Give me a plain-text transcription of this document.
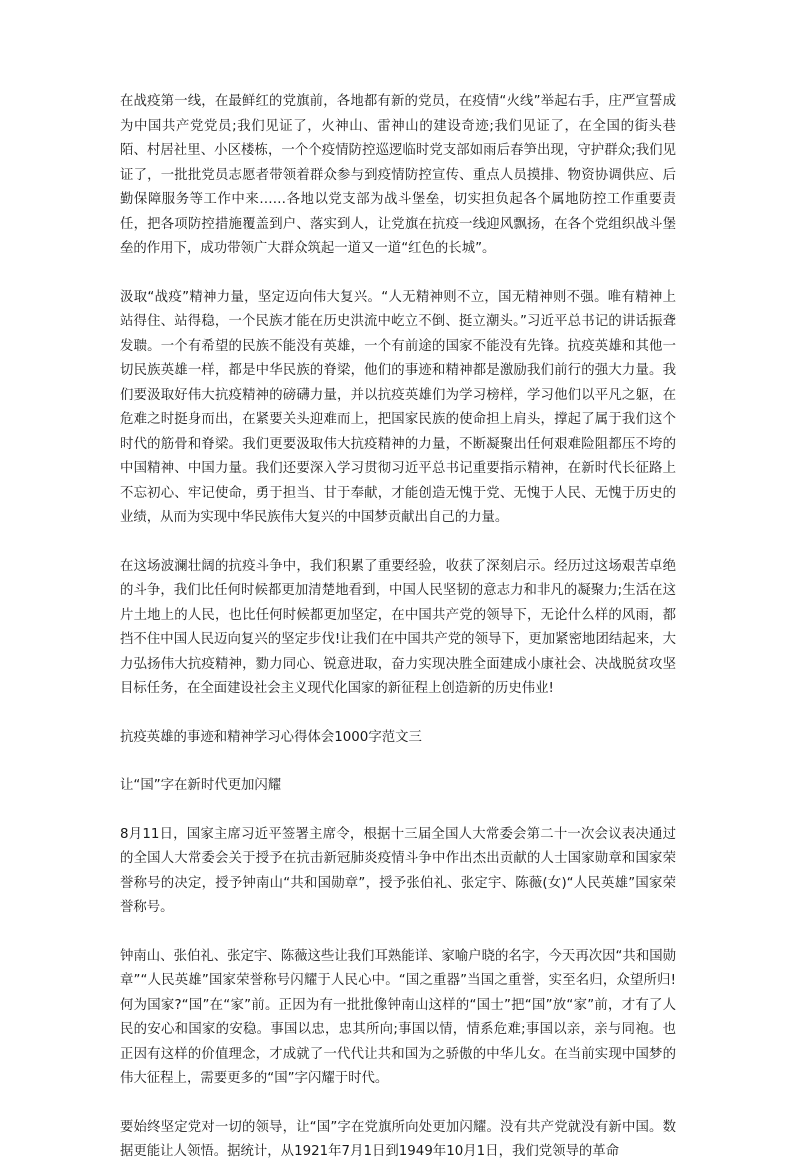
在战疫第一线，在最鲜红的党旗前，各地都有新的党员，在疫情“火线”举起右手，庄严宣誓成为中国共产党党员;我们见证了，火神山、雷神山的建设奇迹;我们见证了，在全国的街头巷陌、村居社里、小区楼栋，一个个疫情防控巡逻临时党支部如雨后春笋出现，守护群众;我们见证了，一批批党员志愿者带领着群众参与到疫情防控宣传、重点人员摸排、物资协调供应、后勤保障服务等工作中来……各地以党支部为战斗堡垒，切实担负起各个属地防控工作重要责任，把各项防控措施覆盖到户、落实到人，让党旗在抗疫一线迎风飘扬，在各个党组织战斗堡垒的作用下，成功带领广大群众筑起一道又一道“红色的长城”。

汲取“战疫”精神力量，坚定迈向伟大复兴。“人无精神则不立，国无精神则不强。唯有精神上站得住、站得稳，一个民族才能在历史洪流中屹立不倒、挺立潮头。”习近平总书记的讲话振聋发聩。一个有希望的民族不能没有英雄，一个有前途的国家不能没有先锋。抗疫英雄和其他一切民族英雄一样，都是中华民族的脊梁，他们的事迹和精神都是激励我们前行的强大力量。我们要汲取好伟大抗疫精神的磅礴力量，并以抗疫英雄们为学习榜样，学习他们以平凡之躯，在危难之时挺身而出，在紧要关头迎难而上，把国家民族的使命担上肩头，撑起了属于我们这个时代的筋骨和脊梁。我们更要汲取伟大抗疫精神的力量，不断凝聚出任何艰难险阻都压不垮的中国精神、中国力量。我们还要深入学习贯彻习近平总书记重要指示精神，在新时代长征路上不忘初心、牢记使命，勇于担当、甘于奉献，才能创造无愧于党、无愧于人民、无愧于历史的业绩，从而为实现中华民族伟大复兴的中国梦贡献出自己的力量。

在这场波澜壮阔的抗疫斗争中，我们积累了重要经验，收获了深刻启示。经历过这场艰苦卓绝的斗争，我们比任何时候都更加清楚地看到，中国人民坚韧的意志力和非凡的凝聚力;生活在这片土地上的人民，也比任何时候都更加坚定，在中国共产党的领导下，无论什么样的风雨，都挡不住中国人民迈向复兴的坚定步伐!让我们在中国共产党的领导下，更加紧密地团结起来，大力弘扬伟大抗疫精神，勠力同心、锐意进取，奋力实现决胜全面建成小康社会、决战脱贫攻坚目标任务，在全面建设社会主义现代化国家的新征程上创造新的历史伟业!

抗疫英雄的事迹和精神学习心得体会1000字范文三

让“国”字在新时代更加闪耀

8月11日，国家主席习近平签署主席令，根据十三届全国人大常委会第二十一次会议表决通过的全国人大常委会关于授予在抗击新冠肺炎疫情斗争中作出杰出贡献的人士国家勋章和国家荣誉称号的决定，授予钟南山“共和国勋章”，授予张伯礼、张定宇、陈薇(女)“人民英雄”国家荣誉称号。

钟南山、张伯礼、张定宇、陈薇这些让我们耳熟能详、家喻户晓的名字，今天再次因“共和国勋章”“人民英雄”国家荣誉称号闪耀于人民心中。“国之重器”当国之重誉，实至名归，众望所归!何为国家?“国”在“家”前。正因为有一批批像钟南山这样的“国士”把“国”放“家”前，才有了人民的安心和国家的安稳。事国以忠，忠其所向;事国以情，情系危难;事国以亲，亲与同袍。也正因有这样的价值理念，才成就了一代代让共和国为之骄傲的中华儿女。在当前实现中国梦的伟大征程上，需要更多的“国”字闪耀于时代。

要始终坚定党对一切的领导，让“国”字在党旗所向处更加闪耀。没有共产党就没有新中国。数据更能让人领悟。据统计，从1921年7月1日到1949年10月1日，我们党领导的革命
